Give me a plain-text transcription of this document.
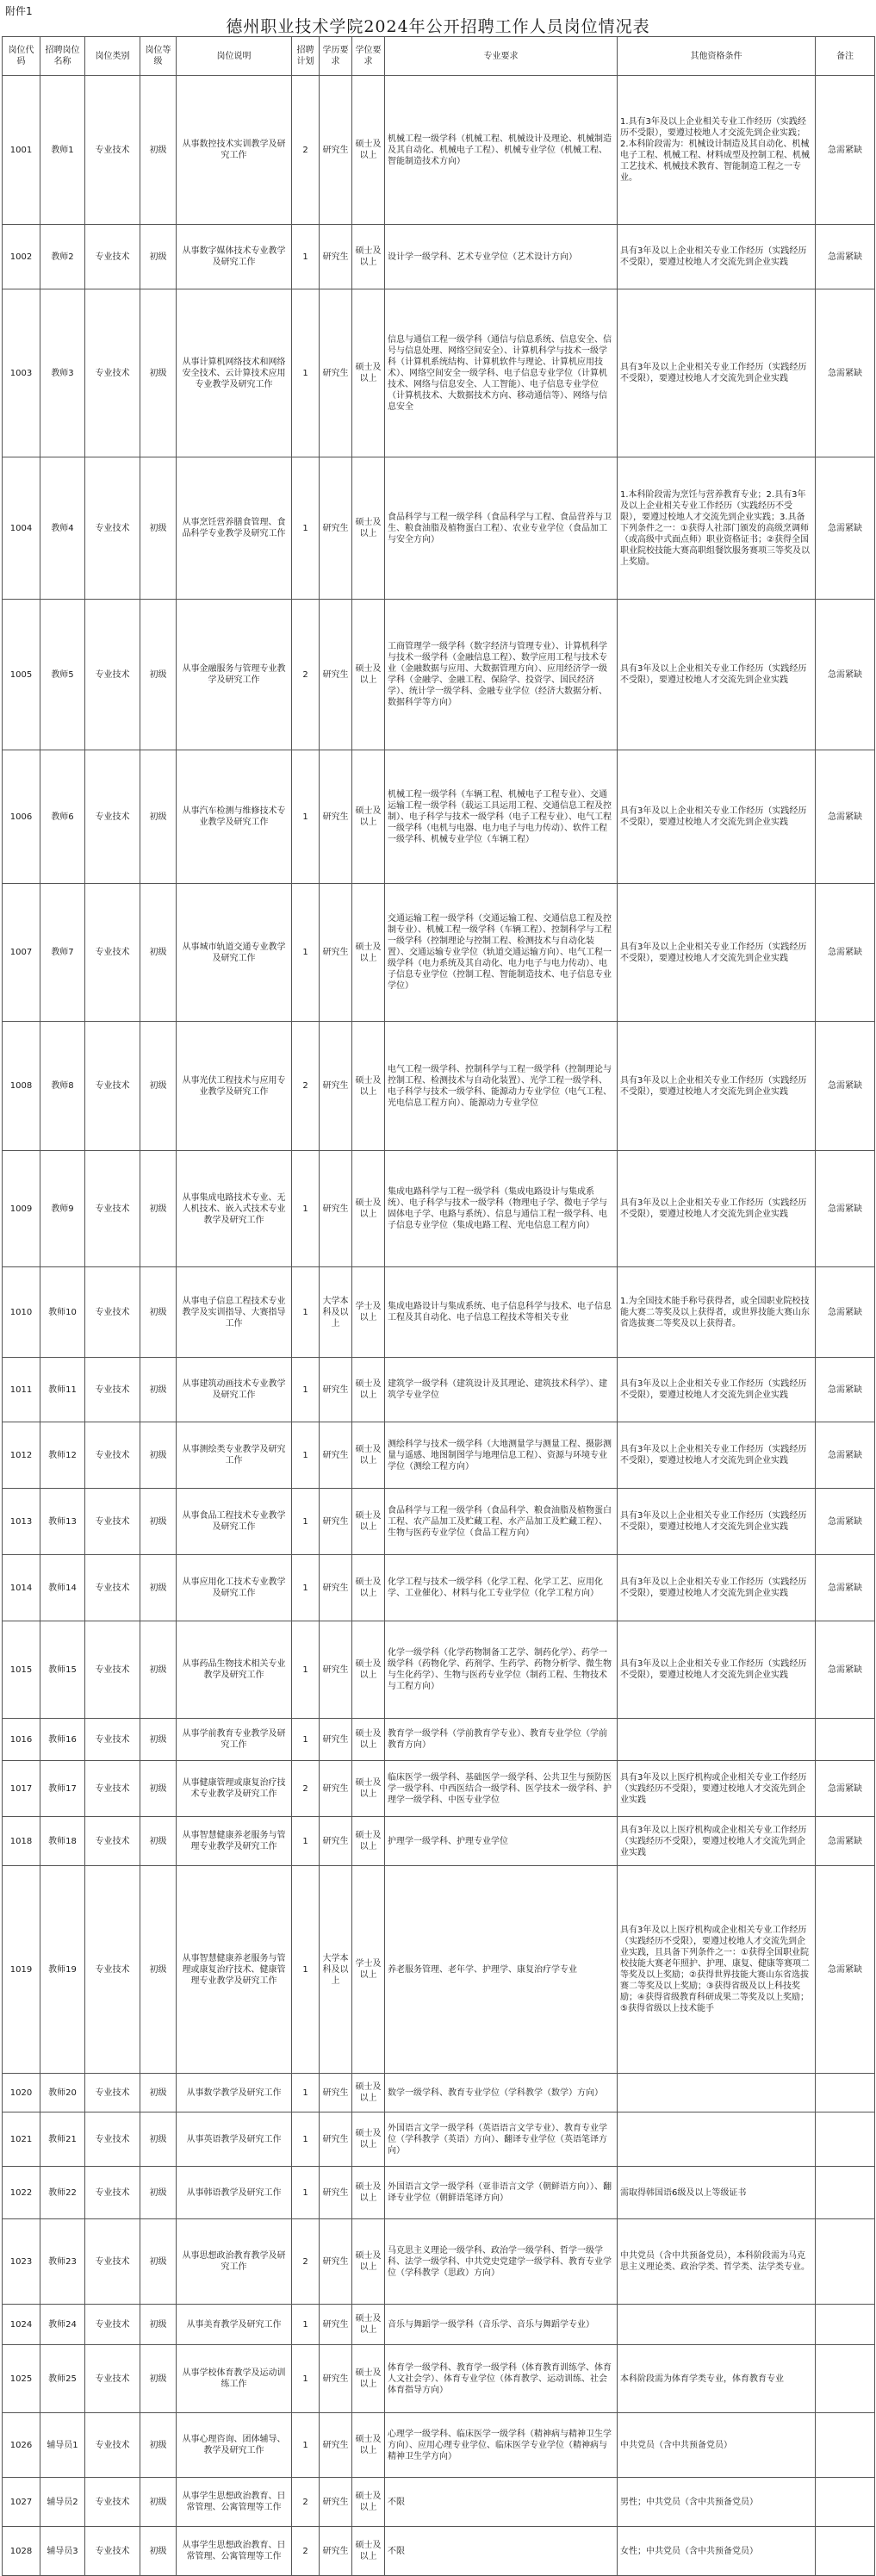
附件1
德州职业技术学院2024年公开招聘工作人员岗位情况表
岗位代码	招聘岗位名称	岗位类别	岗位等级	岗位说明	招聘计划	学历要求	学位要求	专业要求	其他资格条件	备注
1001	教师1	专业技术	初级	从事数控技术实训教学及研究工作	2	研究生	硕士及以上	机械工程一级学科（机械工程、机械设计及理论、机械制造及其自动化、机械电子工程）、机械专业学位（机械工程、智能制造技术方向）	1.具有3年及以上企业相关专业工作经历（实践经历不受限），要遵过校地人才交流先到企业实践；2.本科阶段需为：机械设计制造及其自动化、机械电子工程、机械工程、材料成型及控制工程、机械工艺技术、机械技术教育、智能制造工程之一专业。	急需紧缺
1002	教师2	专业技术	初级	从事数字媒体技术专业教学及研究工作	1	研究生	硕士及以上	设计学一级学科、艺术专业学位（艺术设计方向）	具有3年及以上企业相关专业工作经历（实践经历不受限），要遵过校地人才交流先到企业实践	急需紧缺
1003	教师3	专业技术	初级	从事计算机网络技术和网络安全技术、云计算技术应用专业教学及研究工作	1	研究生	硕士及以上	信息与通信工程一级学科（通信与信息系统、信息安全、信号与信息处理、网络空间安全）、计算机科学与技术一级学科（计算机系统结构、计算机软件与理论、计算机应用技术）、网络空间安全一级学科、电子信息专业学位（计算机技术、网络与信息安全、人工智能）、电子信息专业学位（计算机技术、大数据技术方向、移动通信等）、网络与信息安全	具有3年及以上企业相关专业工作经历（实践经历不受限），要遵过校地人才交流先到企业实践	急需紧缺
1004	教师4	专业技术	初级	从事烹饪营养膳食管理、食品科学专业教学及研究工作	1	研究生	硕士及以上	食品科学与工程一级学科（食品科学与工程、食品营养与卫生、粮食油脂及植物蛋白工程）、农业专业学位（食品加工与安全方向）	1.本科阶段需为烹饪与营养教育专业；2.具有3年及以上企业相关专业工作经历（实践经历不受限），要遵过校地人才交流先到企业实践；3.具备下列条件之一：①获得人社部门颁发的高级烹调师（或高级中式面点师）职业资格证书；②获得全国职业院校技能大赛高职组餐饮服务赛项三等奖及以上奖励。	急需紧缺
1005	教师5	专业技术	初级	从事金融服务与管理专业教学及研究工作	2	研究生	硕士及以上	工商管理学一级学科（数字经济与管理专业）、计算机科学与技术一级学科（金融信息工程）、数学应用工程与技术专业（金融数据与应用、大数据管理方向）、应用经济学一级学科（金融学、金融工程、保险学、投资学、国民经济学）、统计学一级学科、金融专业学位（经济大数据分析、数据科学等方向）	具有3年及以上企业相关专业工作经历（实践经历不受限），要遵过校地人才交流先到企业实践	急需紧缺
1006	教师6	专业技术	初级	从事汽车检测与维修技术专业教学及研究工作	1	研究生	硕士及以上	机械工程一级学科（车辆工程、机械电子工程专业）、交通运输工程一级学科（载运工具运用工程、交通信息工程及控制）、电子科学与技术一级学科（电子工程专业）、电气工程一级学科（电机与电器、电力电子与电力传动）、软件工程一级学科、机械专业学位（车辆工程）	具有3年及以上企业相关专业工作经历（实践经历不受限），要遵过校地人才交流先到企业实践	急需紧缺
1007	教师7	专业技术	初级	从事城市轨道交通专业教学及研究工作	1	研究生	硕士及以上	交通运输工程一级学科（交通运输工程、交通信息工程及控制专业）、机械工程一级学科（车辆工程）、控制科学与工程一级学科（控制理论与控制工程、检测技术与自动化装置）、交通运输专业学位（轨道交通运输方向）、电气工程一级学科（电力系统及其自动化、电力电子与电力传动）、电子信息专业学位（控制工程、智能制造技术、电子信息专业学位）	具有3年及以上企业相关专业工作经历（实践经历不受限），要遵过校地人才交流先到企业实践	急需紧缺
1008	教师8	专业技术	初级	从事光伏工程技术与应用专业教学及研究工作	2	研究生	硕士及以上	电气工程一级学科、控制科学与工程一级学科（控制理论与控制工程、检测技术与自动化装置）、光学工程一级学科、电子科学与技术一级学科、能源动力专业学位（电气工程、光电信息工程方向）、能源动力专业学位	具有3年及以上企业相关专业工作经历（实践经历不受限），要遵过校地人才交流先到企业实践	急需紧缺
1009	教师9	专业技术	初级	从事集成电路技术专业、无人机技术、嵌入式技术专业教学及研究工作	1	研究生	硕士及以上	集成电路科学与工程一级学科（集成电路设计与集成系统）、电子科学与技术一级学科（物理电子学、微电子学与固体电子学、电路与系统）、信息与通信工程一级学科、电子信息专业学位（集成电路工程、光电信息工程方向）	具有3年及以上企业相关专业工作经历（实践经历不受限），要遵过校地人才交流先到企业实践	急需紧缺
1010	教师10	专业技术	初级	从事电子信息工程技术专业教学及实训指导、大赛指导工作	1	大学本科及以上	学士及以上	集成电路设计与集成系统、电子信息科学与技术、电子信息工程及其自动化、电子信息工程技术等相关专业	1.为全国技术能手称号获得者，或全国职业院校技能大赛二等奖及以上获得者，或世界技能大赛山东省选拔赛二等奖及以上获得者。	急需紧缺
1011	教师11	专业技术	初级	从事建筑动画技术专业教学及研究工作	1	研究生	硕士及以上	建筑学一级学科（建筑设计及其理论、建筑技术科学）、建筑学专业学位	具有3年及以上企业相关专业工作经历（实践经历不受限），要遵过校地人才交流先到企业实践	急需紧缺
1012	教师12	专业技术	初级	从事测绘类专业教学及研究工作	1	研究生	硕士及以上	测绘科学与技术一级学科（大地测量学与测量工程、摄影测量与遥感、地图制图学与地理信息工程）、资源与环境专业学位（测绘工程方向）	具有3年及以上企业相关专业工作经历（实践经历不受限），要遵过校地人才交流先到企业实践	急需紧缺
1013	教师13	专业技术	初级	从事食品工程技术专业教学及研究工作	1	研究生	硕士及以上	食品科学与工程一级学科（食品科学、粮食油脂及植物蛋白工程、农产品加工及贮藏工程、水产品加工及贮藏工程）、生物与医药专业学位（食品工程方向）	具有3年及以上企业相关专业工作经历（实践经历不受限），要遵过校地人才交流先到企业实践	急需紧缺
1014	教师14	专业技术	初级	从事应用化工技术专业教学及研究工作	1	研究生	硕士及以上	化学工程与技术一级学科（化学工程、化学工艺、应用化学、工业催化）、材料与化工专业学位（化学工程方向）	具有3年及以上企业相关专业工作经历（实践经历不受限），要遵过校地人才交流先到企业实践	急需紧缺
1015	教师15	专业技术	初级	从事药品生物技术相关专业教学及研究工作	1	研究生	硕士及以上	化学一级学科（化学药物制备工艺学、制药化学）、药学一级学科（药物化学、药剂学、生药学、药物分析学、微生物与生化药学）、生物与医药专业学位（制药工程、生物技术与工程方向）	具有3年及以上企业相关专业工作经历（实践经历不受限），要遵过校地人才交流先到企业实践	急需紧缺
1016	教师16	专业技术	初级	从事学前教育专业教学及研究工作	1	研究生	硕士及以上	教育学一级学科（学前教育学专业）、教育专业学位（学前教育方向）		
1017	教师17	专业技术	初级	从事健康管理或康复治疗技术专业教学及研究工作	2	研究生	硕士及以上	临床医学一级学科、基础医学一级学科、公共卫生与预防医学一级学科、中西医结合一级学科、医学技术一级学科、护理学一级学科、中医专业学位	具有3年及以上医疗机构或企业相关专业工作经历（实践经历不受限），要遵过校地人才交流先到企业实践	急需紧缺
1018	教师18	专业技术	初级	从事智慧健康养老服务与管理专业教学及研究工作	1	研究生	硕士及以上	护理学一级学科、护理专业学位	具有3年及以上医疗机构或企业相关专业工作经历（实践经历不受限），要遵过校地人才交流先到企业实践	急需紧缺
1019	教师19	专业技术	初级	从事智慧健康养老服务与管理或康复治疗技术、健康管理专业教学及研究工作	1	大学本科及以上	学士及以上	养老服务管理、老年学、护理学、康复治疗学专业	具有3年及以上医疗机构或企业相关专业工作经历（实践经历不受限），要遵过校地人才交流先到企业实践，且具备下列条件之一：①获得全国职业院校技能大赛老年照护、护理、康复、健康等赛项二等奖及以上奖励；②获得世界技能大赛山东省选拔赛二等奖及以上奖励；③获得省级及以上科技奖励；④获得省级教育科研成果二等奖及以上奖励；⑤获得省级以上技术能手	急需紧缺
1020	教师20	专业技术	初级	从事数学教学及研究工作	1	研究生	硕士及以上	数学一级学科、教育专业学位（学科教学（数学）方向）		
1021	教师21	专业技术	初级	从事英语教学及研究工作	1	研究生	硕士及以上	外国语言文学一级学科（英语语言文学专业）、教育专业学位（学科教学（英语）方向）、翻译专业学位（英语笔译方向）		
1022	教师22	专业技术	初级	从事韩语教学及研究工作	1	研究生	硕士及以上	外国语言文学一级学科（亚非语言文学（朝鲜语方向））、翻译专业学位（朝鲜语笔译方向）	需取得韩国语6级及以上等级证书	
1023	教师23	专业技术	初级	从事思想政治教育教学及研究工作	2	研究生	硕士及以上	马克思主义理论一级学科、政治学一级学科、哲学一级学科、法学一级学科、中共党史党建学一级学科、教育专业学位（学科教学（思政）方向）	中共党员（含中共预备党员），本科阶段需为马克思主义理论类、政治学类、哲学类、法学类专业。	
1024	教师24	专业技术	初级	从事美育教学及研究工作	1	研究生	硕士及以上	音乐与舞蹈学一级学科（音乐学、音乐与舞蹈学专业）		
1025	教师25	专业技术	初级	从事学校体育教学及运动训练工作	1	研究生	硕士及以上	体育学一级学科、教育学一级学科（体育教育训练学、体育人文社会学）、体育专业学位（体育教学、运动训练、社会体育指导方向）	本科阶段需为体育学类专业，体育教育专业	
1026	辅导员1	专业技术	初级	从事心理咨询、团体辅导、教学及研究工作	1	研究生	硕士及以上	心理学一级学科、临床医学一级学科（精神病与精神卫生学方向）、应用心理专业学位、临床医学专业学位（精神病与精神卫生学方向）	中共党员（含中共预备党员）	
1027	辅导员2	专业技术	初级	从事学生思想政治教育、日常管理、公寓管理等工作	2	研究生	硕士及以上	不限	男性；中共党员（含中共预备党员）	
1028	辅导员3	专业技术	初级	从事学生思想政治教育、日常管理、公寓管理等工作	2	研究生	硕士及以上	不限	女性；中共党员（含中共预备党员）	
